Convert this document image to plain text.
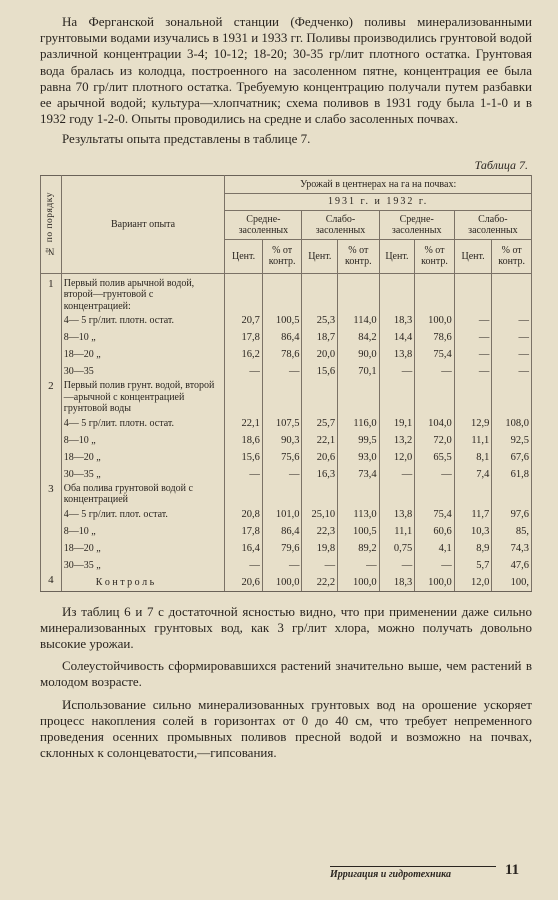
На Ферганской зональной станции (Федченко) поливы минерализованными грунтовыми водами изучались в 1931 и 1933 гг. Поливы производились грунтовой водой различной концентрации 3-4; 10-12; 18-20; 30-35 гр/лит плотного остатка. Грунтовая вода бралась из колодца, построенного на засоленном пятне, концентрация ее была равна 70 гр/лит плотного остатка. Требуемую концентрацию получали путем разбавки ее арычной водой; культура—хлопчатник; схема поливов в 1931 году была 1-1-0 и в 1932 году 1-2-0. Опыты проводились на средне и слабо засоленных почвах.

Результаты опыта представлены в таблице 7.

Таблица 7.
№ по порядку	Вариант опыта	Урожай в центнерах на га на почвах:							
		1931 г. и 1932 г.							
		Средне-засоленных		Слабо-засоленных		Средне-засоленных		Слабо-засоленных	
		Цент.	% от контр.	Цент.	% от контр.	Цент.	% от контр.	Цент.	% от контр.

1	Первый полив арычной водой, второй—грунтовой с концентрацией:								
	4— 5 гр/лит. плотн. остат.	20,7	100,5	25,3	114,0	18,3	100,0	—	—
	8—10 „	17,8	86,4	18,7	84,2	14,4	78,6	—	—
	18—20 „	16,2	78,6	20,0	90,0	13,8	75,4	—	—
	30—35	—	—	15,6	70,1	—	—	—	—
2	Первый полив грунт. водой, второй—арычной с концентрацией грунтовой воды								
	4— 5 гр/лит. плотн. остат.	22,1	107,5	25,7	116,0	19,1	104,0	12,9	108,0
	8—10 „	18,6	90,3	22,1	99,5	13,2	72,0	11,1	92,5
	18—20 „	15,6	75,6	20,6	93,0	12,0	65,5	8,1	67,6
	30—35 „	—	—	16,3	73,4	—	—	7,4	61,8
3	Оба полива грунтовой водой с концентрацией								
	4— 5 гр/лит. плот. остат.	20,8	101,0	25,10	113,0	13,8	75,4	11,7	97,6
	8—10 „	17,8	86,4	22,3	100,5	11,1	60,6	10,3	85,
	18—20 „	16,4	79,6	19,8	89,2	0,75	4,1	8,9	74,3
	30—35 „	—	—	—	—	—	—	5,7	47,6
4	К о н т р о л ь	20,6	100,0	22,2	100,0	18,3	100,0	12,0	100,

Из таблиц 6 и 7 с достаточной ясностью видно, что при применении даже сильно минерализованных грунтовых вод, как 3 гр/лит хлора, можно получать довольно высокие урожаи.

Солеустойчивость сформировавшихся растений значительно выше, чем растений в молодом возрасте.

Использование сильно минерализованных грунтовых вод на орошение ускоряет процесс накопления солей в горизонтах от 0 до 40 см, что требует непременного проведения осенних промывных поливов пресной водой и возможно на почвах, склонных к солонцеватости,—гипсования.

Ирригация и гидротехника	11
